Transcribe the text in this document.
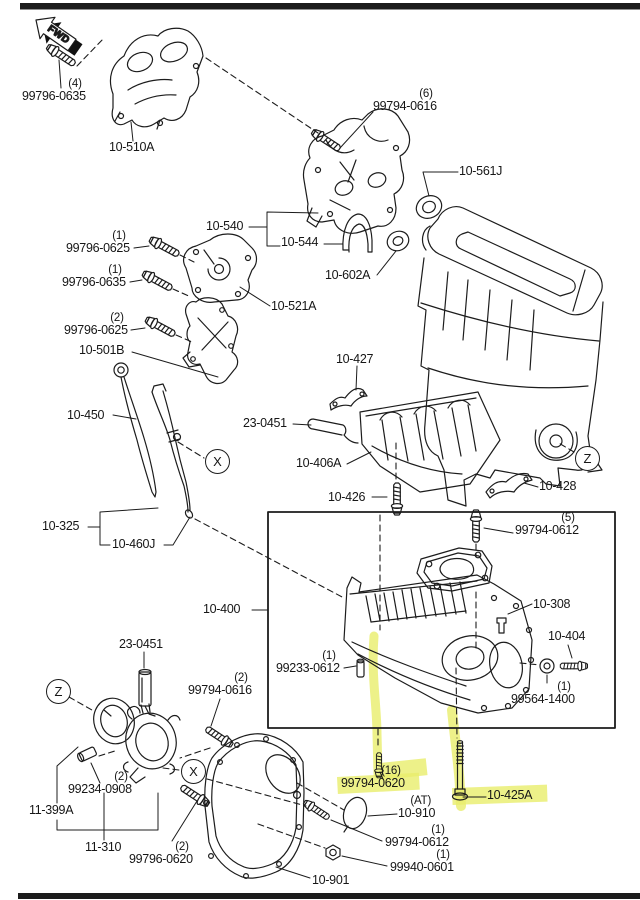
FWD
(4)
99796-0635
10-510A
(6)
99794-0616
10-561J
10-540
10-544
10-602A
(1)
99796-0625
(1)
99796-0635
10-521A
(2)
99796-0625
10-501B
10-450
10-427
23-0451
10-406A
10-426
10-428
10-325
10-460J
10-400
(5)
99794-0612
10-308
10-404
(1)
99233-0612
(1)
99564-1400
23-0451
(2)
99794-0616
(2)
99234-0908
11-399A
11-310	(2)
99796-0620
(16)
99794-0620
10-425A
(AT)
10-910
(1)
99794-0612
(1)
99940-0601
10-901
X	Z
Z
X
